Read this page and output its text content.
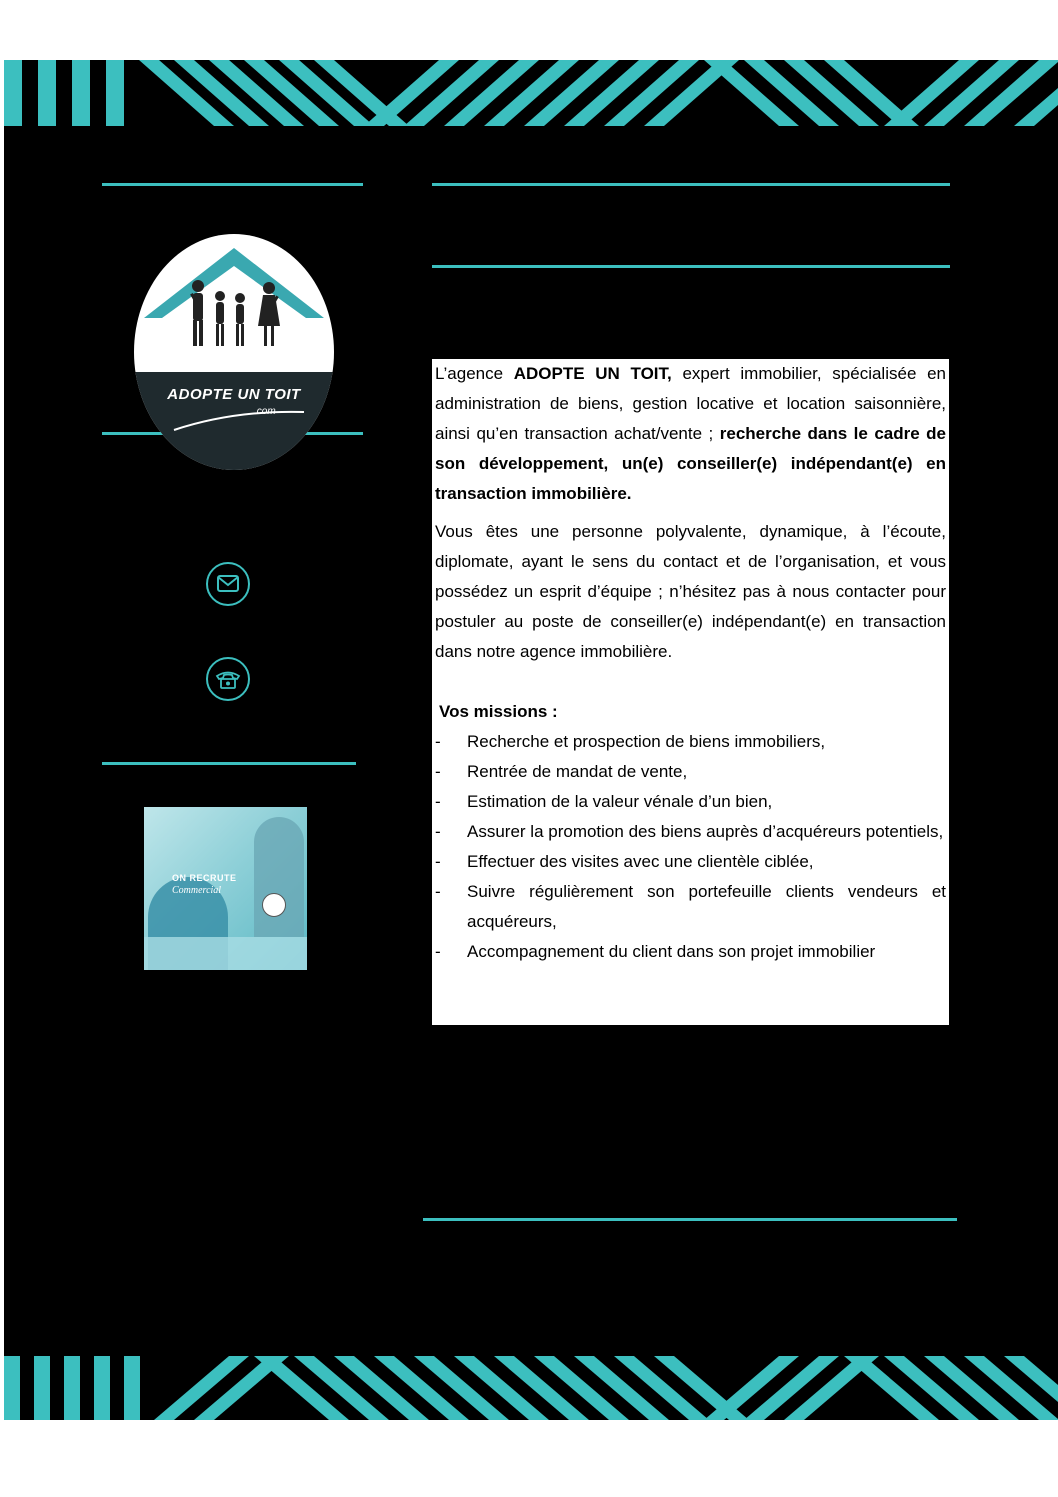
ADOPTE UN TOIT
.com
ON RECRUTE
Commercial

L’agence ADOPTE UN TOIT, expert immobilier, spécialisée en administration de biens, gestion locative et location saisonnière, ainsi qu’en transaction achat/vente ; recherche dans le cadre de son développement, un(e) conseiller(e) indépendant(e) en transaction immobilière.

Vous êtes une personne polyvalente, dynamique, à l’écoute, diplomate, ayant le sens du contact et de l’organisation, et vous possédez un esprit d’équipe ; n’hésitez pas à nous contacter pour postuler au poste de conseiller(e) indépendant(e) en transaction dans notre agence immobilière.

Vos missions :
- Recherche et prospection de biens immobiliers,
- Rentrée de mandat de vente,
- Estimation de la valeur vénale d’un bien,
- Assurer la promotion des biens auprès d’acquéreurs potentiels,
- Effectuer des visites avec une clientèle ciblée,
- Suivre régulièrement son portefeuille clients vendeurs et acquéreurs,
- Accompagnement du client dans son projet immobilier
